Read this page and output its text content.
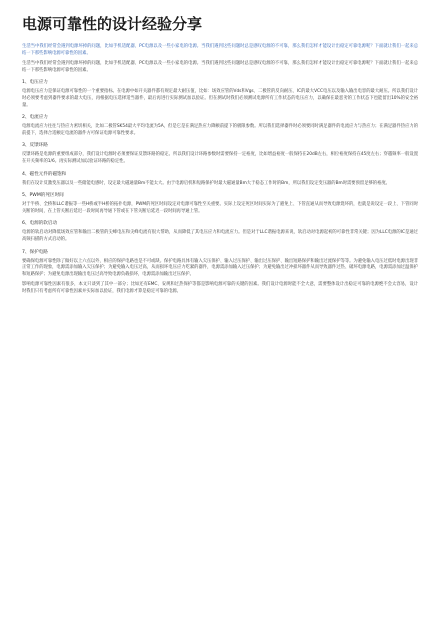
电源可靠性的设计经验分享

生活当中我们经常会遇到电源坏掉的问题，比如手机适配器、PC电源以及一些小家电的电源。当我们遇到这些问题时总是感叹电源的不可靠，那么我们怎样才能设计出稳定可靠电源呢？下面就让我们一起来总结一下那些影响电源可靠性的因素。

生活当中我们经常会遇到电源坏掉的问题，比如手机适配器、PC电源以及一些小家电的电源。当我们遇到这些问题时总是感叹电源的不可靠，那么我们怎样才能设计出稳定可靠电源呢？下面就让我们一起来总结一下那些影响电源可靠性的因素。

1、电压应力

电源电压应力是保证电源可靠性的一个重要指标。在电源中如开关器件都有规定最大耐压值，比如：场效应管的Vds和Vgs、二极管的反向耐压、IC的最大VCC电压以及输入输出电容的最大耐压。所以我们设计时必须要考虑到器件要求的最大电压，再根据电压选择适当器件，最后再进行实际测试加以验证。但在测试时我们必须测试电源所有工作状态的电压应力，以确保在最恶劣的工作状态下也能留出10%的安全裕量。

2、电流应力

电源电流应力往往与热应力密切相关，比如二极管SK54最大平均电流为5A，但是它是在满足热应力降额前提下的极限参数。所以我们选择器件时必须要同时满足器件的电流应力与热应力；在满足器件热应力的前提下，选择合适额定电流的器件方可保证电源可靠性要求。

3、反馈环路

反馈环路是电源的重要组成部分，我们设计电源时必须要保证反馈环路的稳定。所以我们设计环路参数时需要保持一定裕度，比如增益裕度一般保持在20dB左右，相位裕度保持在45度左右；穿越频率一般设置在开关频率的1/6。再实际测试加以验证环路的稳定性。

4、磁性元件的磁饱和

我们在设计反激变压器以及一些储能电感时，设定最大磁通量Bm不能太大。由于电源启机和短路保护时最大磁通量Bm大于稳态工作时的Bm，所以我们设定变压器的Bm时需要预留足够的裕度。

5、PWM的死区时间

对于半桥、全桥和LLC谐振等一些H桥或半H桥的拓扑电源，PWM的死区时间设定对电源可靠性至关重要。实际上设定死区时间实际为了避免上、下管直通从而导致电源烧坏的，也就是说设定一段上、下管同时关断的时间，在上管关断后延迟一段时间再导通下管或在下管关断后延迟一段时间再导通上管。

6、电源的软启动

电源的软启动对降低场效应管和输出二极管的尖峰电压和尖峰电流有很大帮助，从而降低了其电压应力和电流应力。但是对于LLC谐振电源来说，软启动对电源起初的可靠性非常关键；因为LLC电源的IC是通过高频扫描的方式启动的。

7、保护电路

要确保电源可靠性除了做好以上六点以外，相应的保护电路也是不可或缺。保护电路具体有输入欠压保护、输入过压保护、输出过压保护、输出短路保护和输出过流保护等等。为避免输入电压过低时电源出现非正常工作的现象，电源需添加输入欠压保护；为避免输入电压过高，从而损坏电压应力吃紧的器件，电源需添加输入过压保护；为避免输出过冲损坏器件从而导致器件过热、破坏电源电路，电源需添加过温保护和短路保护；为避免电源出现输出电压过高导致电源负载损坏，电源需添加输出过压保护。

影响电源可靠性因素有很多，本文只谈到了其中一部分；比如还有EMC、安规和过热保护等都是影响电源可靠的关键的因素。我们设计电源时能不全大意，需要整体设计出稳定可靠的电源绝不会太容易，设计时我们只有考虑所有可靠性因素并实际加以验证，我们电源才算是稳定可靠的电源。
